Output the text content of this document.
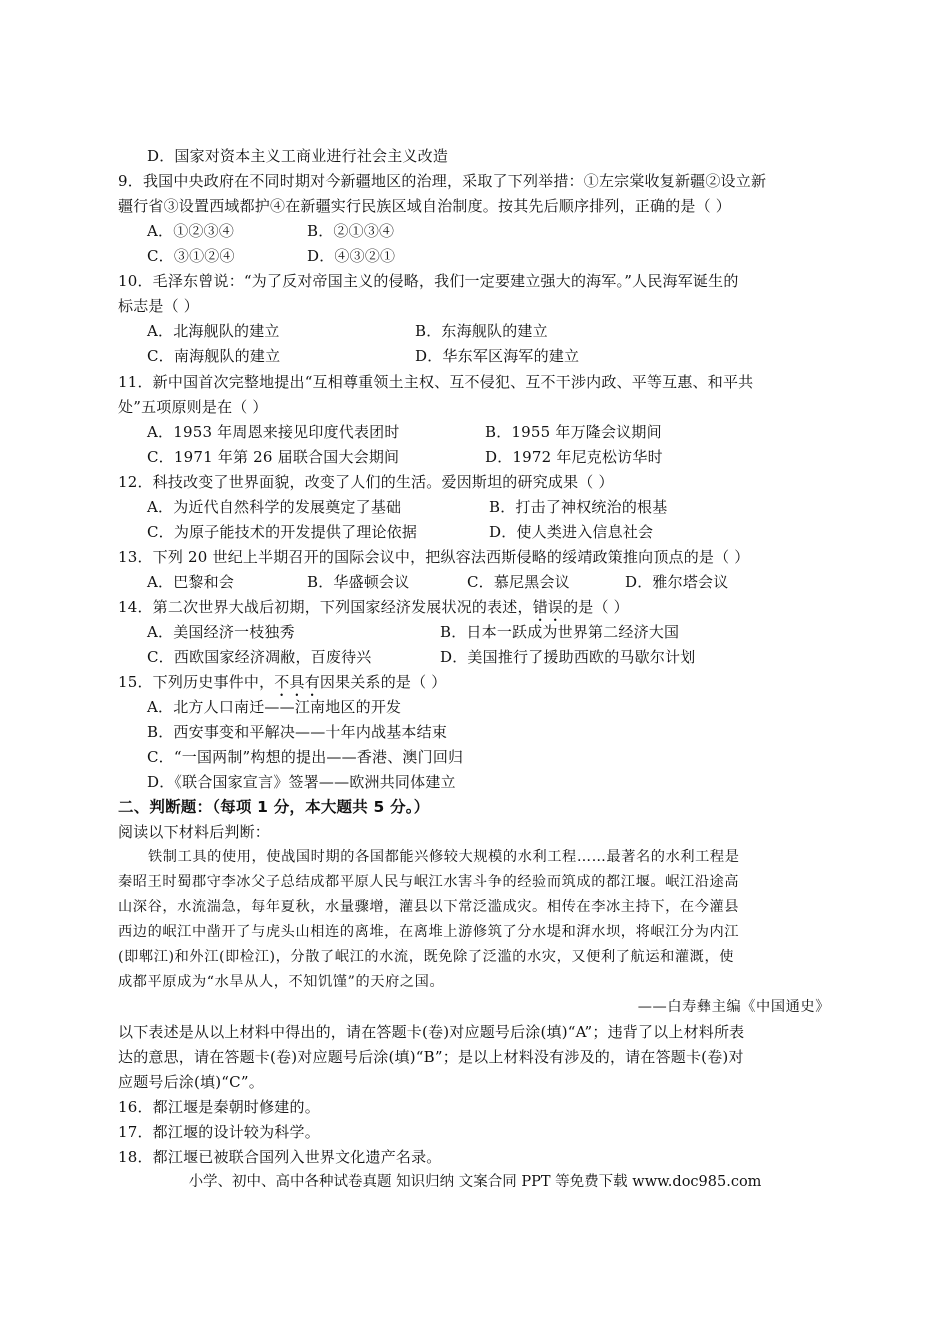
D．国家对资本主义工商业进行社会主义改造
9．我国中央政府在不同时期对今新疆地区的治理，采取了下列举措：①左宗棠收复新疆②设立新
疆行省③设置西域都护④在新疆实行民族区域自治制度。按其先后顺序排列，正确的是（ ）
A．①②③④	B．②①③④
C．③①②④	D．④③②①
10．毛泽东曾说：“为了反对帝国主义的侵略，我们一定要建立强大的海军。”人民海军诞生的
标志是（ ）
A．北海舰队的建立	B．东海舰队的建立
C．南海舰队的建立	D．华东军区海军的建立
11．新中国首次完整地提出“互相尊重领土主权、互不侵犯、互不干涉内政、平等互惠、和平共
处”五项原则是在（ ）
A．1953 年周恩来接见印度代表团时	B．1955 年万隆会议期间
C．1971 年第 26 届联合国大会期间	D．1972 年尼克松访华时
12．科技改变了世界面貌，改变了人们的生活。爱因斯坦的研究成果（ ）
A．为近代自然科学的发展奠定了基础	B．打击了神权统治的根基
C．为原子能技术的开发提供了理论依据	D．使人类进入信息社会
13．下列 20 世纪上半期召开的国际会议中，把纵容法西斯侵略的绥靖政策推向顶点的是（ ）
A．巴黎和会	B．华盛顿会议	C．慕尼黑会议	D．雅尔塔会议
14．第二次世界大战后初期，下列国家经济发展状况的表述，错误的是（ ）
A．美国经济一枝独秀	B．日本一跃成为世界第二经济大国
C．西欧国家经济凋敝，百废待兴	D．美国推行了援助西欧的马歇尔计划
15．下列历史事件中，不具有因果关系的是（ ）
A．北方人口南迁——江南地区的开发
B．西安事变和平解决——十年内战基本结束
C．“一国两制”构想的提出——香港、澳门回归
D．《联合国家宣言》签署——欧洲共同体建立
二、判断题：（每项 1 分，本大题共 5 分。）
阅读以下材料后判断：
铁制工具的使用，使战国时期的各国都能兴修较大规模的水利工程……最著名的水利工程是
秦昭王时蜀郡守李冰父子总结成都平原人民与岷江水害斗争的经验而筑成的都江堰。岷江沿途高
山深谷，水流湍急，每年夏秋，水量骤增，灌县以下常泛滥成灾。相传在李冰主持下，在今灌县
西边的岷江中凿开了与虎头山相连的离堆，在离堆上游修筑了分水堤和湃水坝，将岷江分为内江
(即郫江)和外江(即检江)，分散了岷江的水流，既免除了泛滥的水灾，又便利了航运和灌溉，使
成都平原成为“水旱从人，不知饥馑”的天府之国。
——白寿彝主编《中国通史》
以下表述是从以上材料中得出的，请在答题卡(卷)对应题号后涂(填)“A”；违背了以上材料所表
达的意思，请在答题卡(卷)对应题号后涂(填)“B”；是以上材料没有涉及的，请在答题卡(卷)对
应题号后涂(填)“C”。
16．都江堰是秦朝时修建的。
17．都江堰的设计较为科学。
18．都江堰已被联合国列入世界文化遗产名录。
小学、初中、高中各种试卷真题 知识归纳 文案合同 PPT 等免费下载 www.doc985.com
